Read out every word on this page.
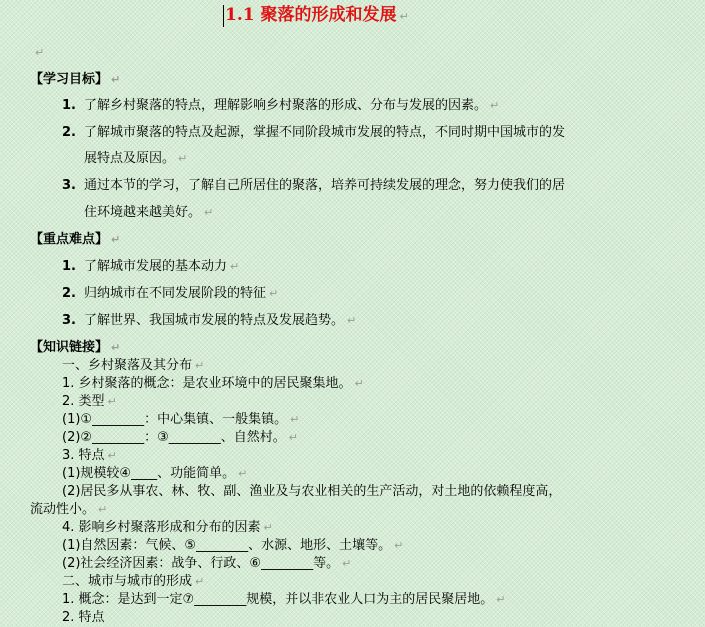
1.1 聚落的形成和发展 ↵
↵
【学习目标】 ↵
1. 了解乡村聚落的特点，理解影响乡村聚落的形成、分布与发展的因素。 ↵
2. 了解城市聚落的特点及起源，掌握不同阶段城市发展的特点，不同时期中国城市的发
展特点及原因。 ↵
3. 通过本节的学习，了解自己所居住的聚落，培养可持续发展的理念，努力使我们的居
住环境越来越美好。 ↵
【重点难点】 ↵
1. 了解城市发展的基本动力 ↵
2. 归纳城市在不同发展阶段的特征 ↵
3. 了解世界、我国城市发展的特点及发展趋势。 ↵
【知识链接】 ↵
一、乡村聚落及其分布 ↵
1. 乡村聚落的概念：是农业环境中的居民聚集地。 ↵
2. 类型 ↵
(1)①________：中心集镇、一般集镇。 ↵
(2)②________：③________、自然村。 ↵
3. 特点 ↵
(1)规模较④____、功能简单。 ↵
(2)居民多从事农、林、牧、副、渔业及与农业相关的生产活动，对土地的依赖程度高，
流动性小。 ↵
4. 影响乡村聚落形成和分布的因素 ↵
(1)自然因素：气候、⑤________、水源、地形、土壤等。 ↵
(2)社会经济因素：战争、行政、⑥________等。 ↵
二、城市与城市的形成 ↵
1. 概念：是达到一定⑦________规模，并以非农业人口为主的居民聚居地。 ↵
2. 特点
